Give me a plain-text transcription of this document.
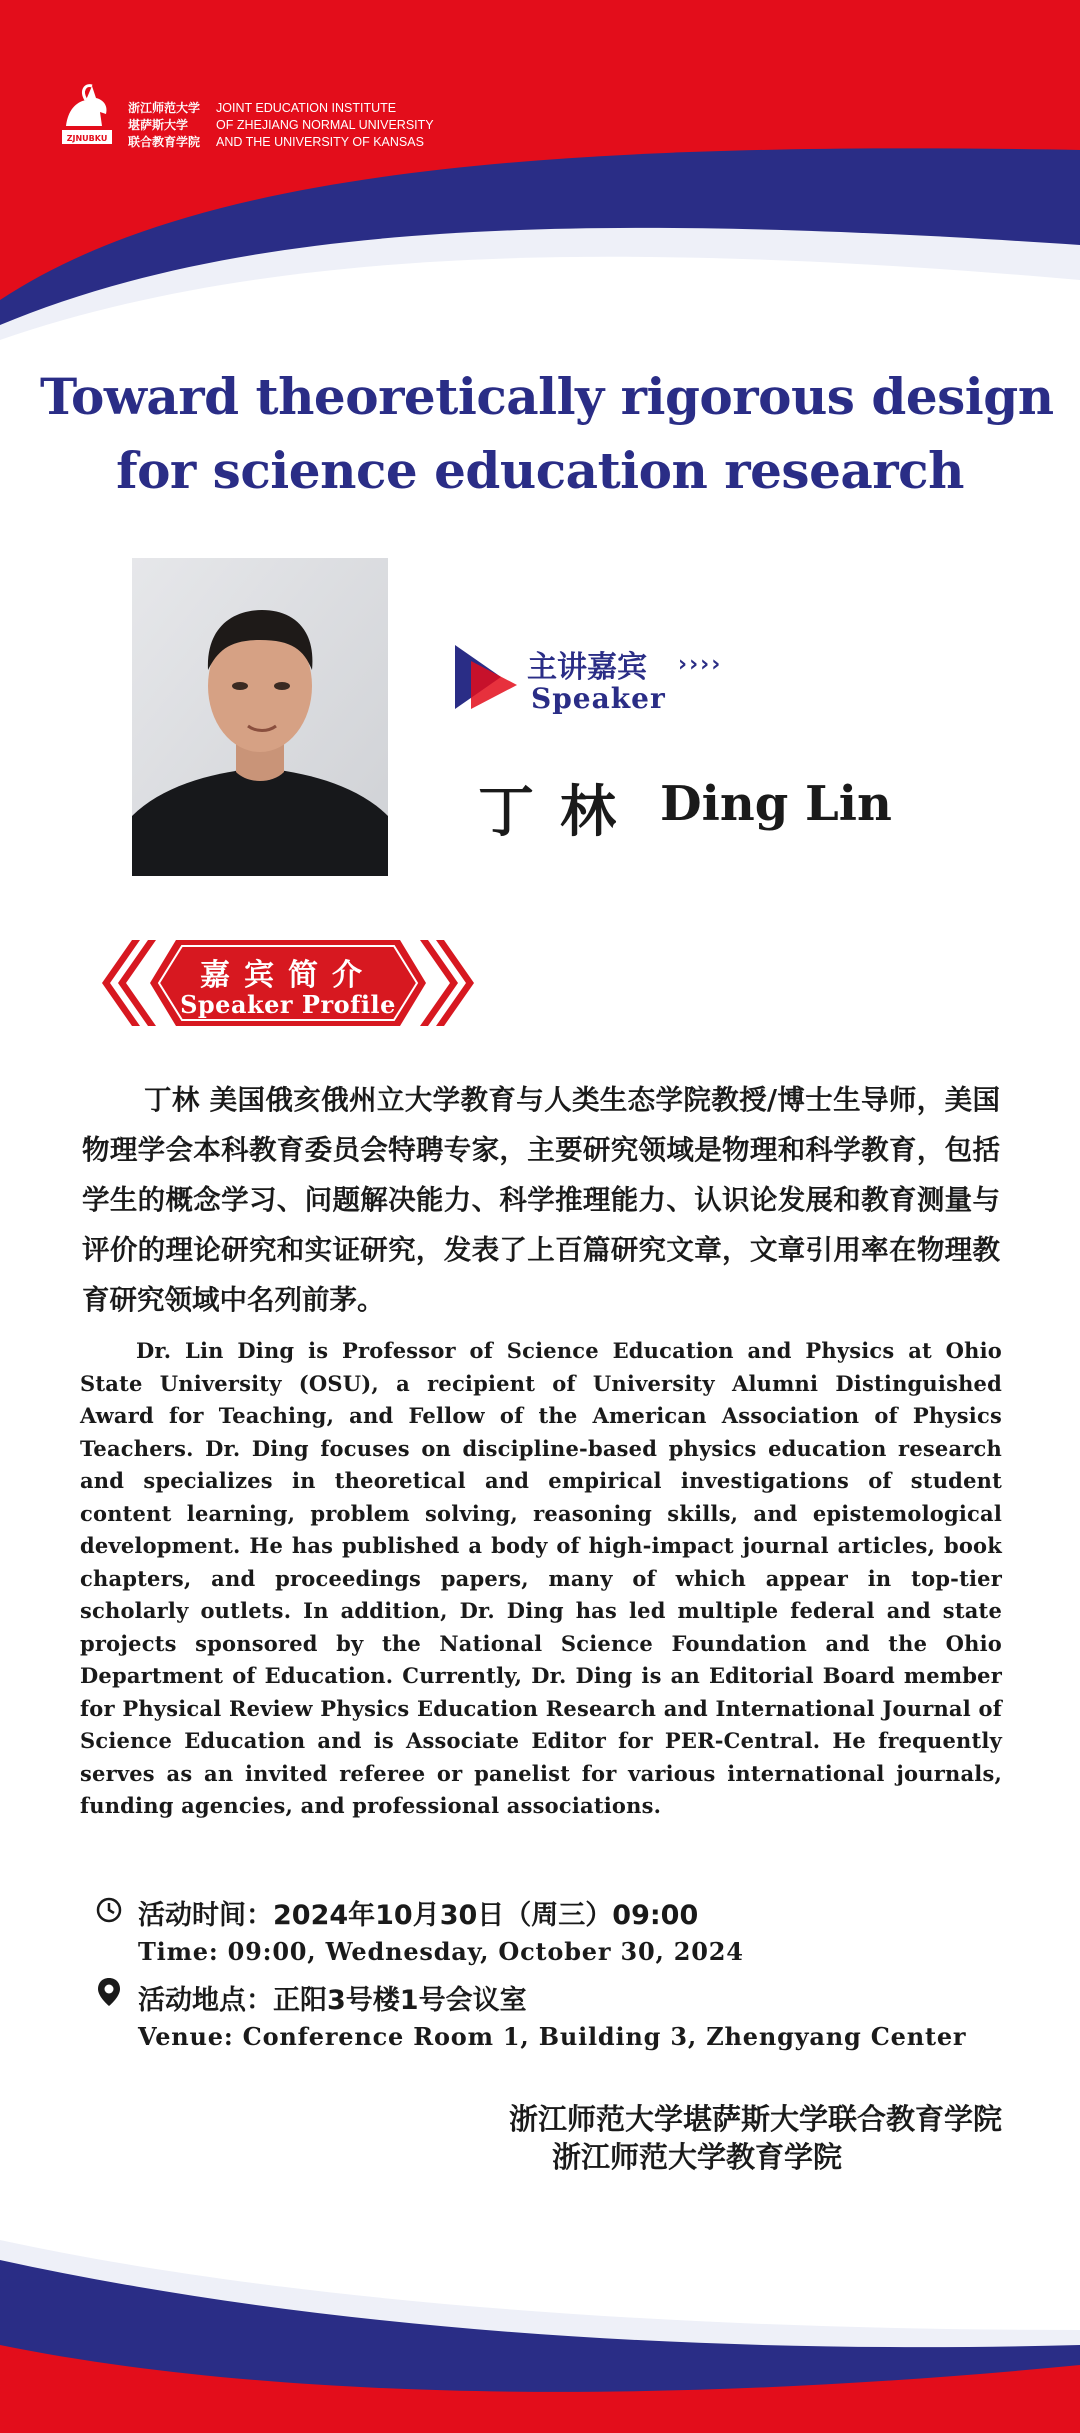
ZJNUBKU
浙江师范大学
堪萨斯大学
联合教育学院
JOINT EDUCATION INSTITUTE
OF ZHEJIANG NORMAL UNIVERSITY
AND THE UNIVERSITY OF KANSAS
Toward theoretically rigorous design
for science education research
主讲嘉宾 ››››
Speaker
丁林 Ding Lin
嘉宾简介
Speaker Profile

丁林 美国俄亥俄州立大学教育与人类生态学院教授/博士生导师，美国物理学会本科教育委员会特聘专家，主要研究领域是物理和科学教育，包括学生的概念学习、问题解决能力、科学推理能力、认识论发展和教育测量与评价的理论研究和实证研究，发表了上百篇研究文章，文章引用率在物理教育研究领域中名列前茅。

Dr. Lin Ding is Professor of Science Education and Physics at Ohio State University (OSU), a recipient of University Alumni Distinguished Award for Teaching, and Fellow of the American Association of Physics Teachers. Dr. Ding focuses on discipline-based physics education research and specializes in theoretical and empirical investigations of student content learning, problem solving, reasoning skills, and epistemological development. He has published a body of high-impact journal articles, book chapters, and proceedings papers, many of which appear in top-tier scholarly outlets. In addition, Dr. Ding has led multiple federal and state projects sponsored by the National Science Foundation and the Ohio Department of Education. Currently, Dr. Ding is an Editorial Board member for Physical Review Physics Education Research and International Journal of Science Education and is Associate Editor for PER-Central. He frequently serves as an invited referee or panelist for various international journals, funding agencies, and professional associations.

活动时间：2024年10月30日（周三）09:00
Time: 09:00, Wednesday, October 30, 2024
活动地点：正阳3号楼1号会议室
Venue: Conference Room 1, Building 3, Zhengyang Center
浙江师范大学堪萨斯大学联合教育学院
浙江师范大学教育学院
